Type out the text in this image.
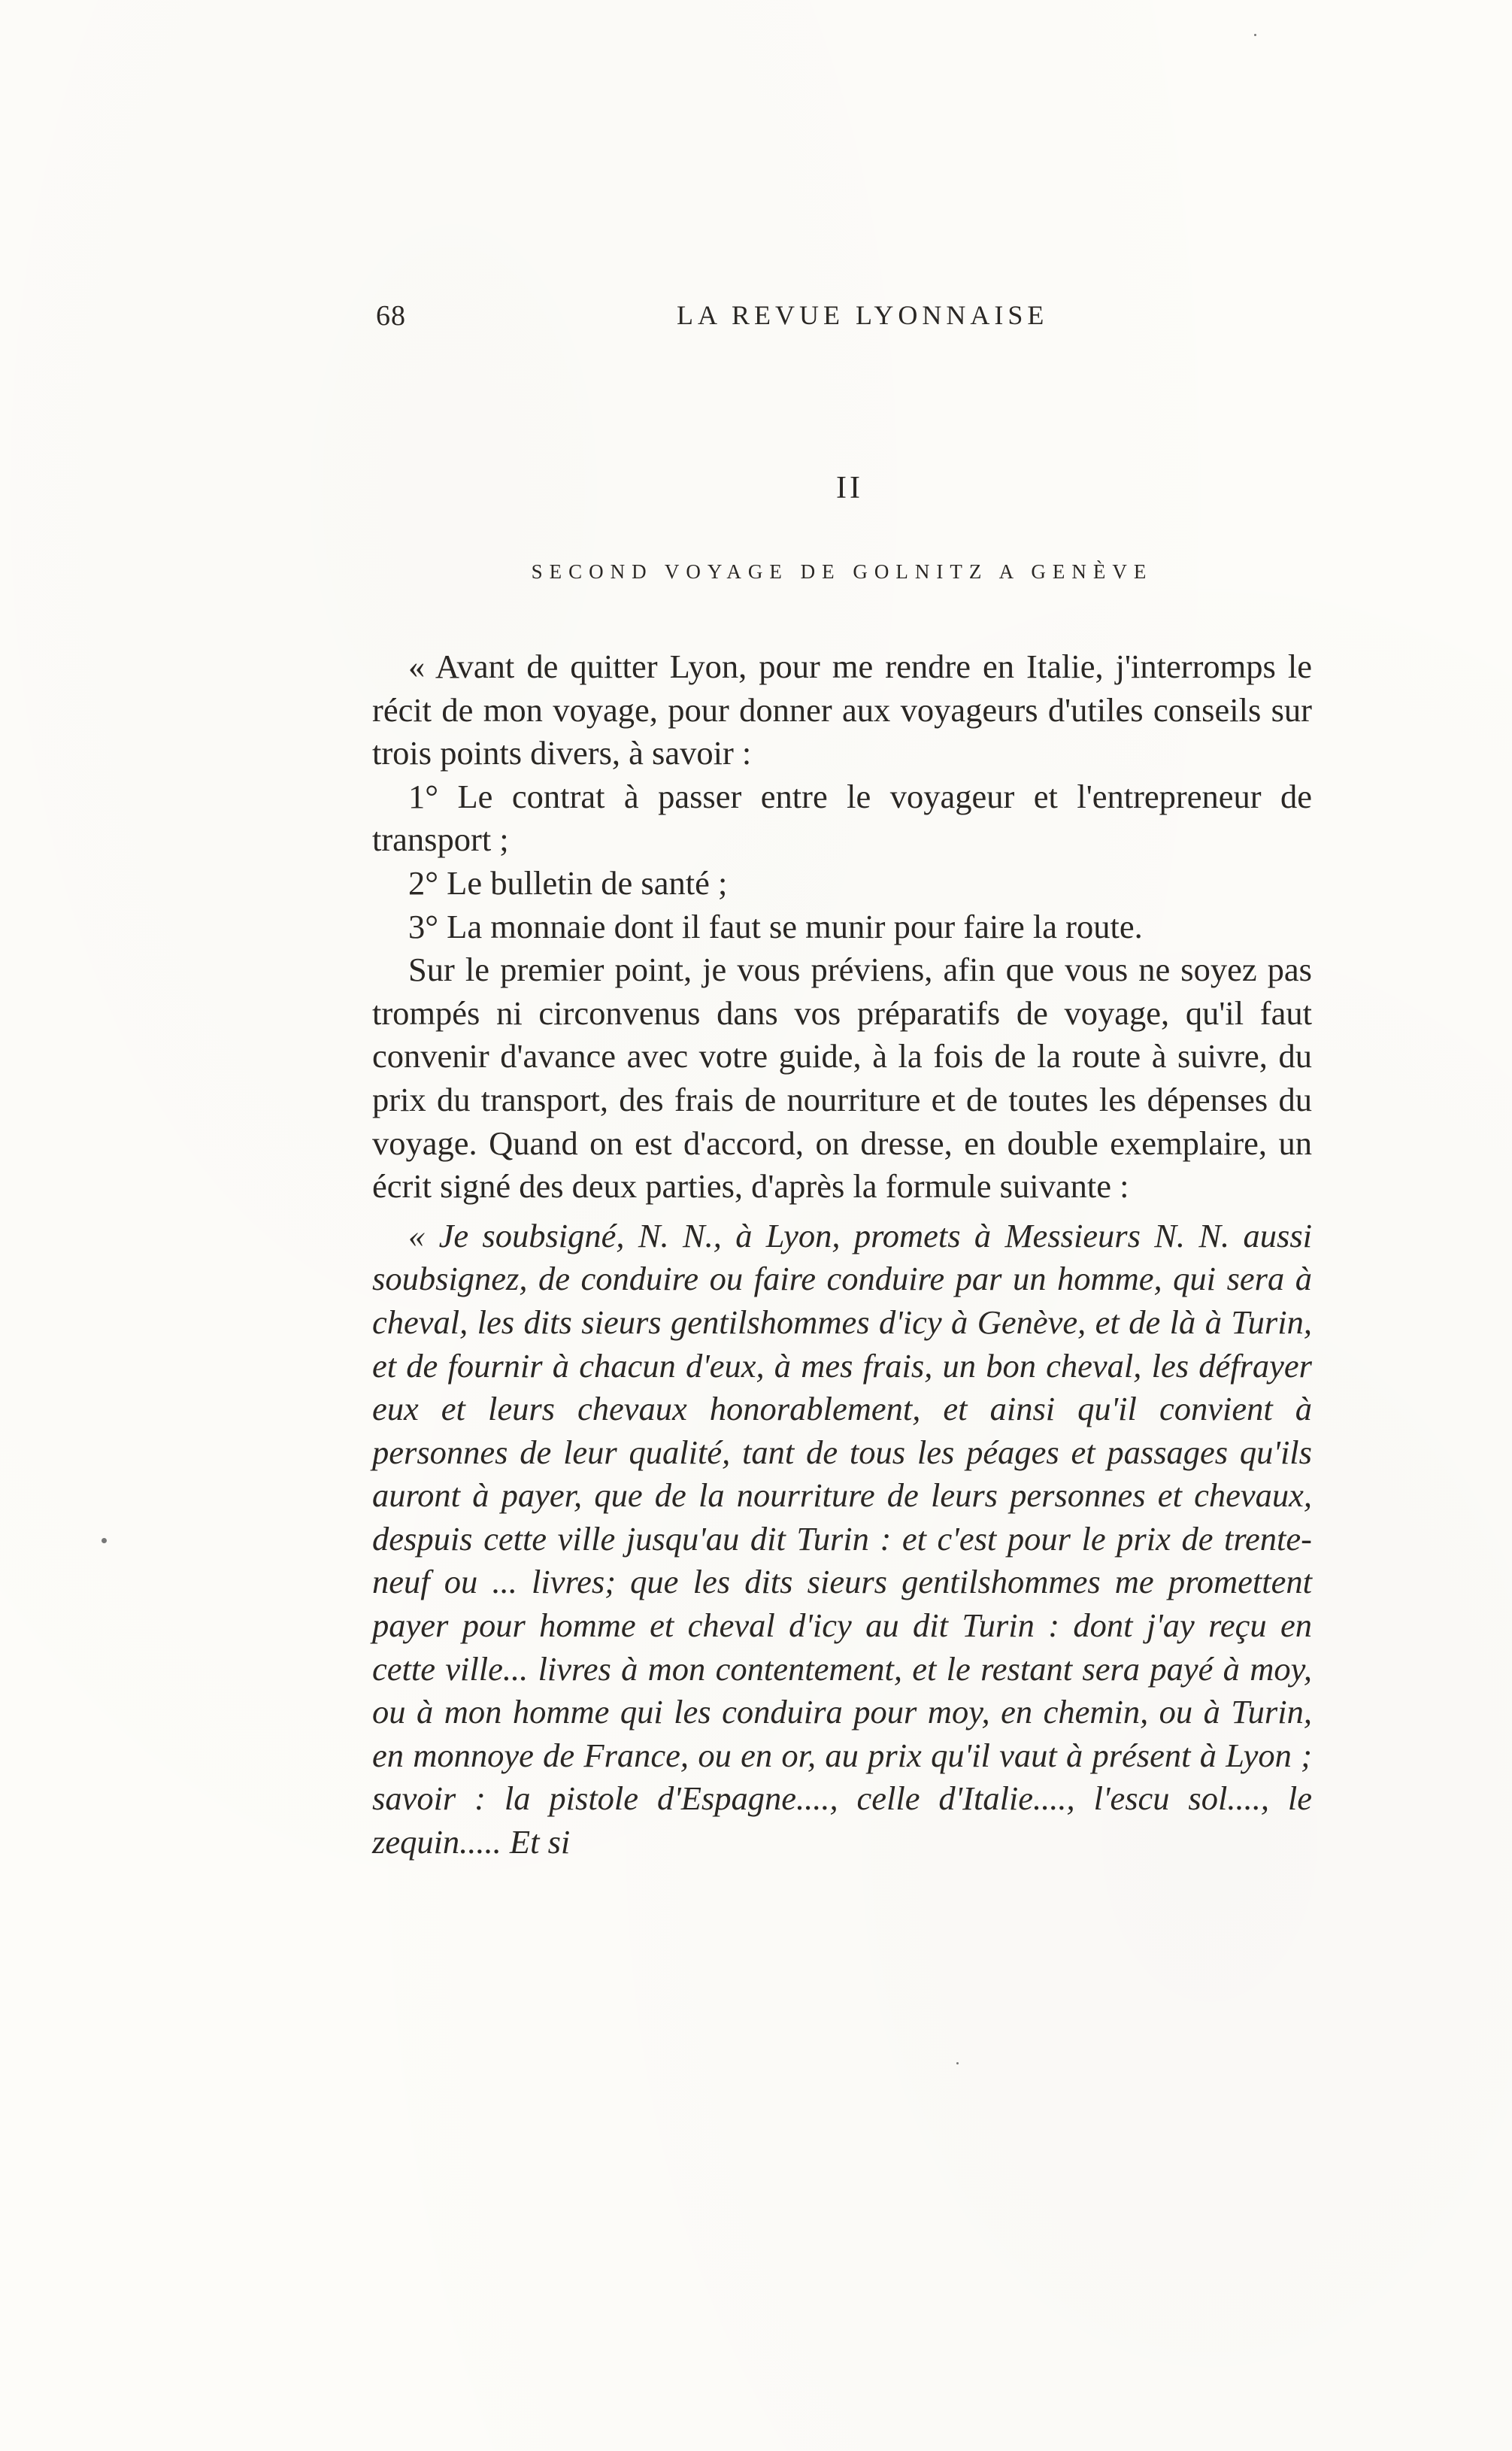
68	LA REVUE LYONNAISE
II
SECOND VOYAGE DE GOLNITZ A GENÈVE

« Avant de quitter Lyon, pour me rendre en Italie, j'interromps le récit de mon voyage, pour donner aux voyageurs d'utiles conseils sur trois points divers, à savoir :

1° Le contrat à passer entre le voyageur et l'entrepreneur de transport ;

2° Le bulletin de santé ;

3° La monnaie dont il faut se munir pour faire la route.

Sur le premier point, je vous préviens, afin que vous ne soyez pas trompés ni circonvenus dans vos préparatifs de voyage, qu'il faut convenir d'avance avec votre guide, à la fois de la route à suivre, du prix du transport, des frais de nourriture et de toutes les dépenses du voyage. Quand on est d'accord, on dresse, en double exemplaire, un écrit signé des deux parties, d'après la formule suivante :

« Je soubsigné, N. N., à Lyon, promets à Messieurs N. N. aussi soubsignez, de conduire ou faire conduire par un homme, qui sera à cheval, les dits sieurs gentilshommes d'icy à Genève, et de là à Turin, et de fournir à chacun d'eux, à mes frais, un bon cheval, les défrayer eux et leurs chevaux honorablement, et ainsi qu'il convient à personnes de leur qualité, tant de tous les péages et passages qu'ils auront à payer, que de la nourriture de leurs personnes et chevaux, despuis cette ville jusqu'au dit Turin : et c'est pour le prix de trente-neuf ou ... livres; que les dits sieurs gentilshommes me promettent payer pour homme et cheval d'icy au dit Turin : dont j'ay reçu en cette ville... livres à mon contentement, et le restant sera payé à moy, ou à mon homme qui les conduira pour moy, en chemin, ou à Turin, en monnoye de France, ou en or, au prix qu'il vaut à présent à Lyon ; savoir : la pistole d'Espagne...., celle d'Italie...., l'escu sol...., le zequin..... Et si
